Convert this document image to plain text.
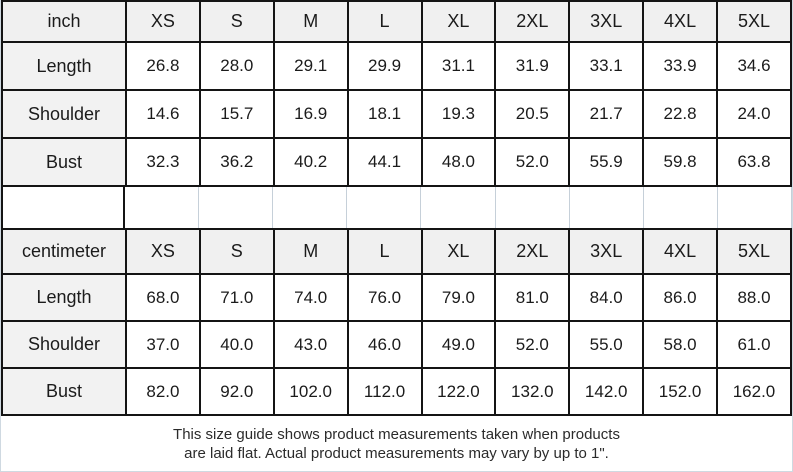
inch	XS	S	M	L	XL	2XL	3XL	4XL	5XL
Length	26.8	28.0	29.1	29.9	31.1	31.9	33.1	33.9	34.6
Shoulder	14.6	15.7	16.9	18.1	19.3	20.5	21.7	22.8	24.0
Bust	32.3	36.2	40.2	44.1	48.0	52.0	55.9	59.8	63.8
centimeter	XS	S	M	L	XL	2XL	3XL	4XL	5XL
Length	68.0	71.0	74.0	76.0	79.0	81.0	84.0	86.0	88.0
Shoulder	37.0	40.0	43.0	46.0	49.0	52.0	55.0	58.0	61.0
Bust	82.0	92.0	102.0	112.0	122.0	132.0	142.0	152.0	162.0
This size guide shows product measurements taken when products
are laid flat. Actual product measurements may vary by up to 1".
